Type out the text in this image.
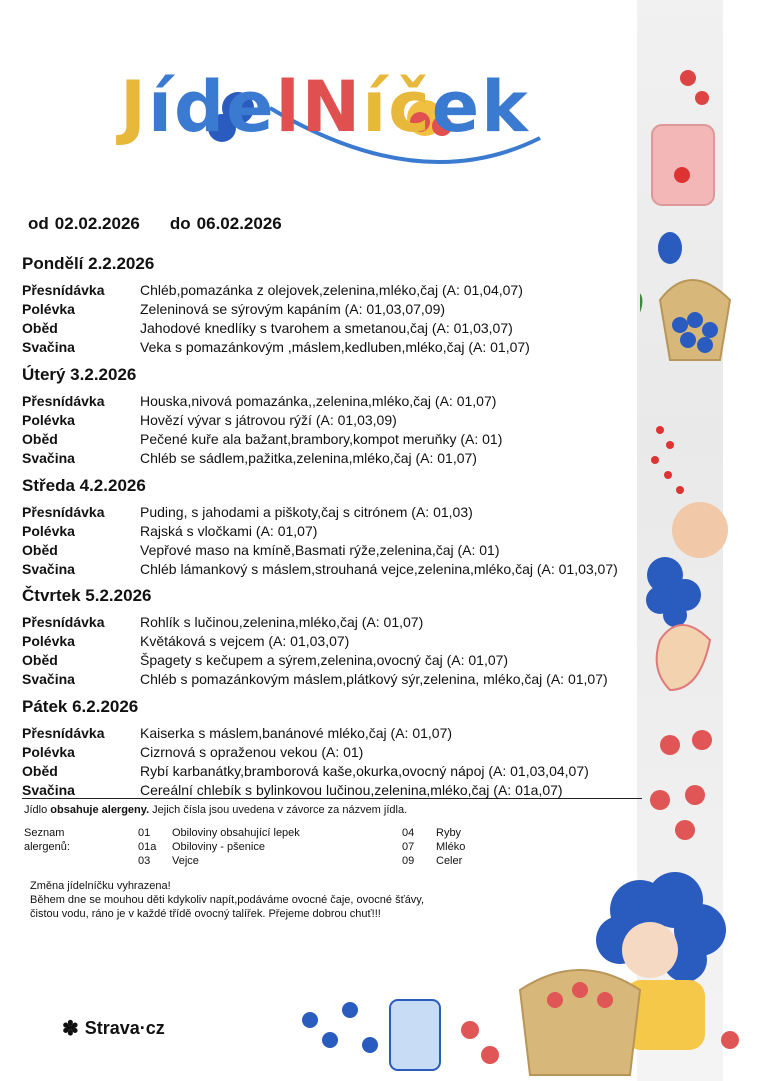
JídelNíček
od 02.02.2026 do 06.02.2026
Pondělí 2.2.2026
Přesnídávka	Chléb,pomazánka z olejovek,zelenina,mléko,čaj (A: 01,04,07)
Polévka	Zeleninová se sýrovým kapáním (A: 01,03,07,09)
Oběd	Jahodové knedlíky s tvarohem a smetanou,čaj (A: 01,03,07)
Svačina	Veka s pomazánkovým ,máslem,kedluben,mléko,čaj (A: 01,07)
Úterý 3.2.2026
Přesnídávka	Houska,nivová pomazánka,,zelenina,mléko,čaj (A: 01,07)
Polévka	Hovězí vývar s játrovou rýží (A: 01,03,09)
Oběd	Pečené kuře ala bažant,brambory,kompot meruňky (A: 01)
Svačina	Chléb se sádlem,pažitka,zelenina,mléko,čaj (A: 01,07)
Středa 4.2.2026
Přesnídávka	Puding, s jahodami a piškoty,čaj s citrónem (A: 01,03)
Polévka	Rajská s vločkami (A: 01,07)
Oběd	Vepřové maso na kmíně,Basmati rýže,zelenina,čaj (A: 01)
Svačina	Chléb lámankový s máslem,strouhaná vejce,zelenina,mléko,čaj (A: 01,03,07)
Čtvrtek 5.2.2026
Přesnídávka	Rohlík s lučinou,zelenina,mléko,čaj (A: 01,07)
Polévka	Květáková s vejcem (A: 01,03,07)
Oběd	Špagety s kečupem a sýrem,zelenina,ovocný čaj (A: 01,07)
Svačina	Chléb s pomazánkovým máslem,plátkový sýr,zelenina, mléko,čaj (A: 01,07)
Pátek 6.2.2026
Přesnídávka	Kaiserka s máslem,banánové mléko,čaj (A: 01,07)
Polévka	Cizrnová s opraženou vekou (A: 01)
Oběd	Rybí karbanátky,bramborová kaše,okurka,ovocný nápoj (A: 01,03,04,07)
Svačina	Cereální chlebík s bylinkovou lučinou,zelenina,mléko,čaj (A: 01a,07)
Jídlo obsahuje alergeny. Jejich čísla jsou uvedena v závorce za názvem jídla.
Seznam alergenů:
01 Obiloviny obsahující lepek
01a Obiloviny - pšenice
03 Vejce
04 Ryby
07 Mléko
09 Celer
Změna jídelníčku vyhrazena!
Během dne se mouhou děti kdykoliv napít,podáváme ovocné čaje, ovocné šťávy,
čistou vodu, ráno je v každé třídě ovocný talířek. Přejeme dobrou chuť!!!
✽ Strava·cz
